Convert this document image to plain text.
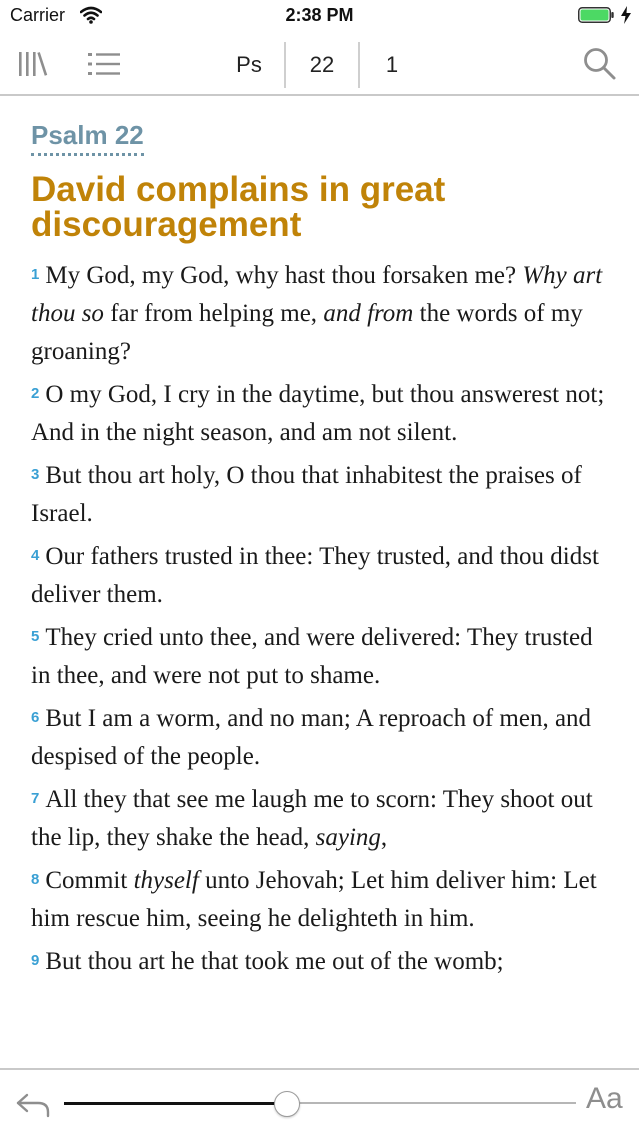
Carrier	2:38 PM
Ps	22	1
Psalm 22
David complains in great discouragement

1 My God, my God, why hast thou forsaken me? Why art thou so far from helping me, and from the words of my groaning?

2 O my God, I cry in the daytime, but thou answerest not; And in the night season, and am not silent.

3 But thou art holy, O thou that inhabitest the praises of Israel.

4 Our fathers trusted in thee: They trusted, and thou didst deliver them.

5 They cried unto thee, and were delivered: They trusted in thee, and were not put to shame.

6 But I am a worm, and no man; A reproach of men, and despised of the people.

7 All they that see me laugh me to scorn: They shoot out the lip, they shake the head, saying,

8 Commit thyself unto Jehovah; Let him deliver him: Let him rescue him, seeing he delighteth in him.

9 But thou art he that took me out of the womb;

Aa
